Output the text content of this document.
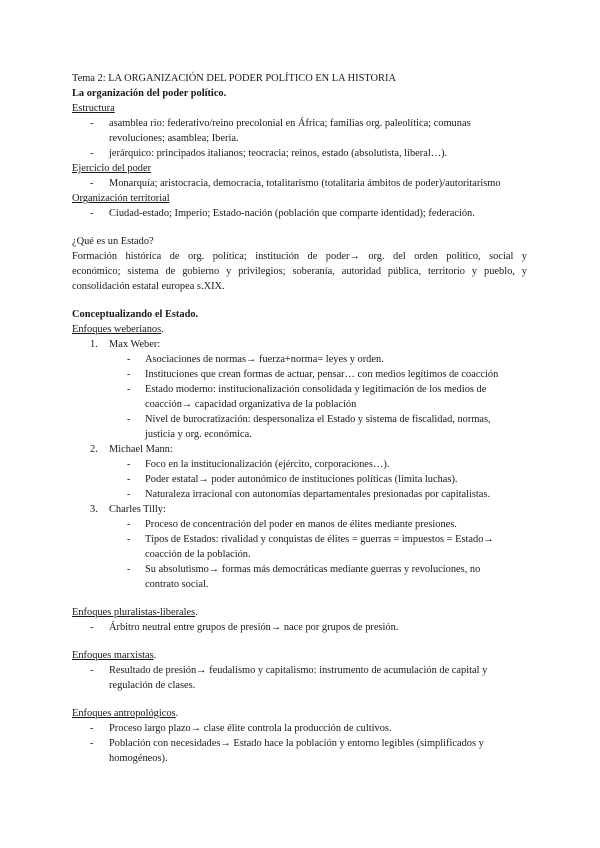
Tema 2: LA ORGANIZACIÓN DEL PODER POLÍTICO EN LA HISTORIA
La organización del poder político.
Estructura
- asamblea rio: federativo/reino precolonial en África; familias org. paleolítica; comunas
revoluciones; asamblea; Iberia.
- jerárquico: principados italianos; teocracia; reinos, estado (absolutista, liberal…).
Ejercicio del poder
- Monarquía; aristocracia, democracia, totalitarismo (totalitaria ámbitos de poder)/autoritarismo
Organización territorial
- Ciudad-estado; Imperio; Estado-nación (población que comparte identidad); federación.
¿Qué es un Estado?
Formación histórica de org. política; institución de poder→ org. del orden político, social y
económico; sistema de gobierno y privilegios; soberanía, autoridad pública, territorio y pueblo, y
consolidación estatal europea s.XIX.
Conceptualizando el Estado.
Enfoques weberianos.
1. Max Weber:
- Asociaciones de normas→ fuerza+norma= leyes y orden.
- Instituciones que crean formas de actuar, pensar… con medios legítimos de coacción
- Estado moderno: institucionalización consolidada y legitimación de los medios de
coacción→ capacidad organizativa de la población
- Nivel de burocratización: despersonaliza el Estado y sistema de fiscalidad, normas,
justicia y org. económica.
2. Michael Mann:
- Foco en la institucionalización (ejército, corporaciones…).
- Poder estatal→ poder autonómico de instituciones políticas (limita luchas).
- Naturaleza irracional con autonomías departamentales presionadas por capitalistas.
3. Charles Tilly:
- Proceso de concentración del poder en manos de élites mediante presiones.
- Tipos de Estados: rivalidad y conquistas de élites = guerras = impuestos = Estado→
coacción de la población.
- Su absolutismo→ formas más democráticas mediante guerras y revoluciones, no
contrato social.
Enfoques pluralistas-liberales.
- Árbitro neutral entre grupos de presión→ nace por grupos de presión.
Enfoques marxistas.
- Resultado de presión→ feudalismo y capitalismo: instrumento de acumulación de capital y
regulación de clases.
Enfoques antropológicos.
- Proceso largo plazo→ clase élite controla la producción de cultivos.
- Población con necesidades→ Estado hace la población y entorno legibles (simplificados y
homogéneos).
